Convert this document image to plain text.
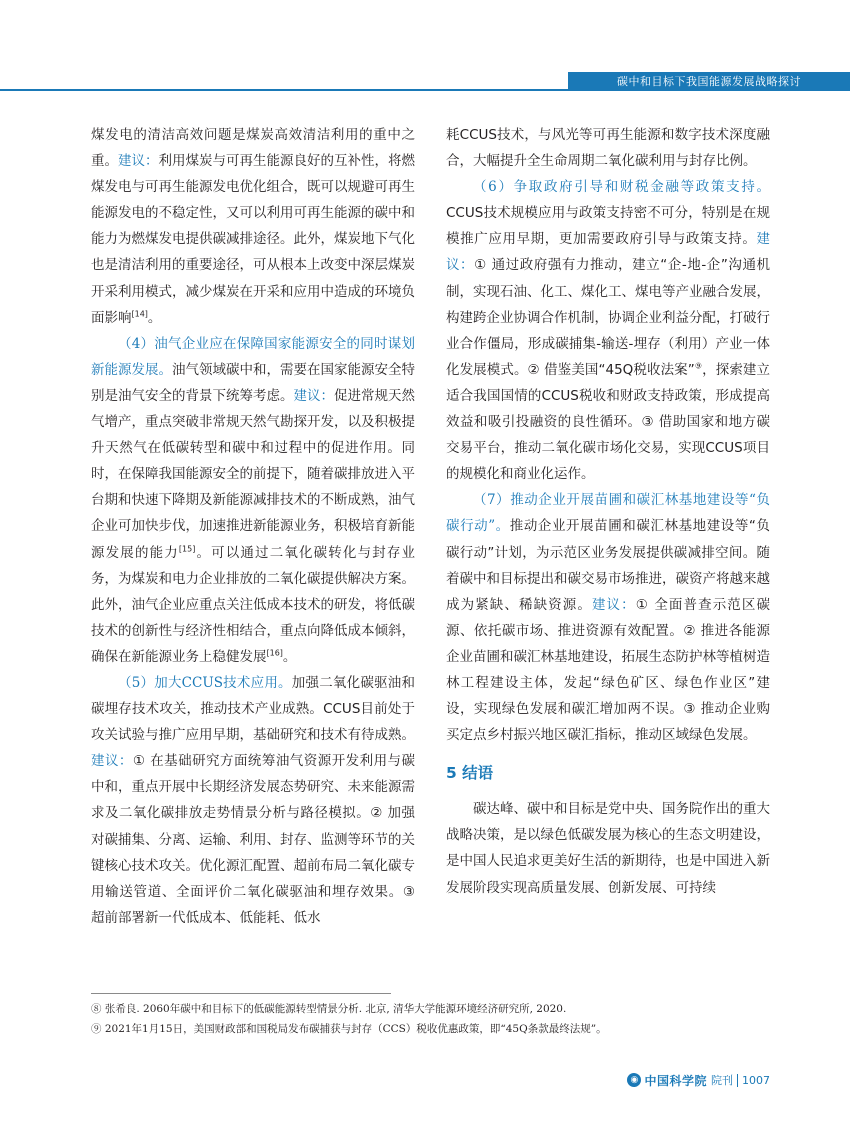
碳中和目标下我国能源发展战略探讨

煤发电的清洁高效问题是煤炭高效清洁利用的重中之重。建议：利用煤炭与可再生能源良好的互补性，将燃煤发电与可再生能源发电优化组合，既可以规避可再生能源发电的不稳定性，又可以利用可再生能源的碳中和能力为燃煤发电提供碳减排途径。此外，煤炭地下气化也是清洁利用的重要途径，可从根本上改变中深层煤炭开采利用模式，减少煤炭在开采和应用中造成的环境负面影响[14]。

（4）油气企业应在保障国家能源安全的同时谋划新能源发展。油气领域碳中和，需要在国家能源安全特别是油气安全的背景下统筹考虑。建议：促进常规天然气增产，重点突破非常规天然气勘探开发，以及积极提升天然气在低碳转型和碳中和过程中的促进作用。同时，在保障我国能源安全的前提下，随着碳排放进入平台期和快速下降期及新能源减排技术的不断成熟，油气企业可加快步伐，加速推进新能源业务，积极培育新能源发展的能力[15]。可以通过二氧化碳转化与封存业务，为煤炭和电力企业排放的二氧化碳提供解决方案。此外，油气企业应重点关注低成本技术的研发，将低碳技术的创新性与经济性相结合，重点向降低成本倾斜，确保在新能源业务上稳健发展[16]。

（5）加大CCUS技术应用。加强二氧化碳驱油和碳埋存技术攻关，推动技术产业成熟。CCUS目前处于攻关试验与推广应用早期，基础研究和技术有待成熟。建议：① 在基础研究方面统筹油气资源开发利用与碳中和，重点开展中长期经济发展态势研究、未来能源需求及二氧化碳排放走势情景分析与路径模拟。② 加强对碳捕集、分离、运输、利用、封存、监测等环节的关键核心技术攻关。优化源汇配置、超前布局二氧化碳专用输送管道、全面评价二氧化碳驱油和埋存效果。③ 超前部署新一代低成本、低能耗、低水

耗CCUS技术，与风光等可再生能源和数字技术深度融合，大幅提升全生命周期二氧化碳利用与封存比例。

（6）争取政府引导和财税金融等政策支持。CCUS技术规模应用与政策支持密不可分，特别是在规模推广应用早期，更加需要政府引导与政策支持。建议：① 通过政府强有力推动，建立“企-地-企”沟通机制，实现石油、化工、煤化工、煤电等产业融合发展，构建跨企业协调合作机制，协调企业利益分配，打破行业合作僵局，形成碳捕集-输送-埋存（利用）产业一体化发展模式。② 借鉴美国“45Q税收法案”⑨，探索建立适合我国国情的CCUS税收和财政支持政策，形成提高效益和吸引投融资的良性循环。③ 借助国家和地方碳交易平台，推动二氧化碳市场化交易，实现CCUS项目的规模化和商业化运作。

（7）推动企业开展苗圃和碳汇林基地建设等“负碳行动”。推动企业开展苗圃和碳汇林基地建设等“负碳行动”计划，为示范区业务发展提供碳减排空间。随着碳中和目标提出和碳交易市场推进，碳资产将越来越成为紧缺、稀缺资源。建议：① 全面普查示范区碳源、依托碳市场、推进资源有效配置。② 推进各能源企业苗圃和碳汇林基地建设，拓展生态防护林等植树造林工程建设主体，发起“绿色矿区、绿色作业区”建设，实现绿色发展和碳汇增加两不误。③ 推动企业购买定点乡村振兴地区碳汇指标，推动区域绿色发展。

5 结语

碳达峰、碳中和目标是党中央、国务院作出的重大战略决策，是以绿色低碳发展为核心的生态文明建设，是中国人民追求更美好生活的新期待，也是中国进入新发展阶段实现高质量发展、创新发展、可持续

⑧ 张希良. 2060年碳中和目标下的低碳能源转型情景分析. 北京, 清华大学能源环境经济研究所, 2020.
⑨ 2021年1月15日，美国财政部和国税局发布碳捕获与封存（CCS）税收优惠政策，即“45Q条款最终法规”。
◉ 中国科学院 院刊 1007
